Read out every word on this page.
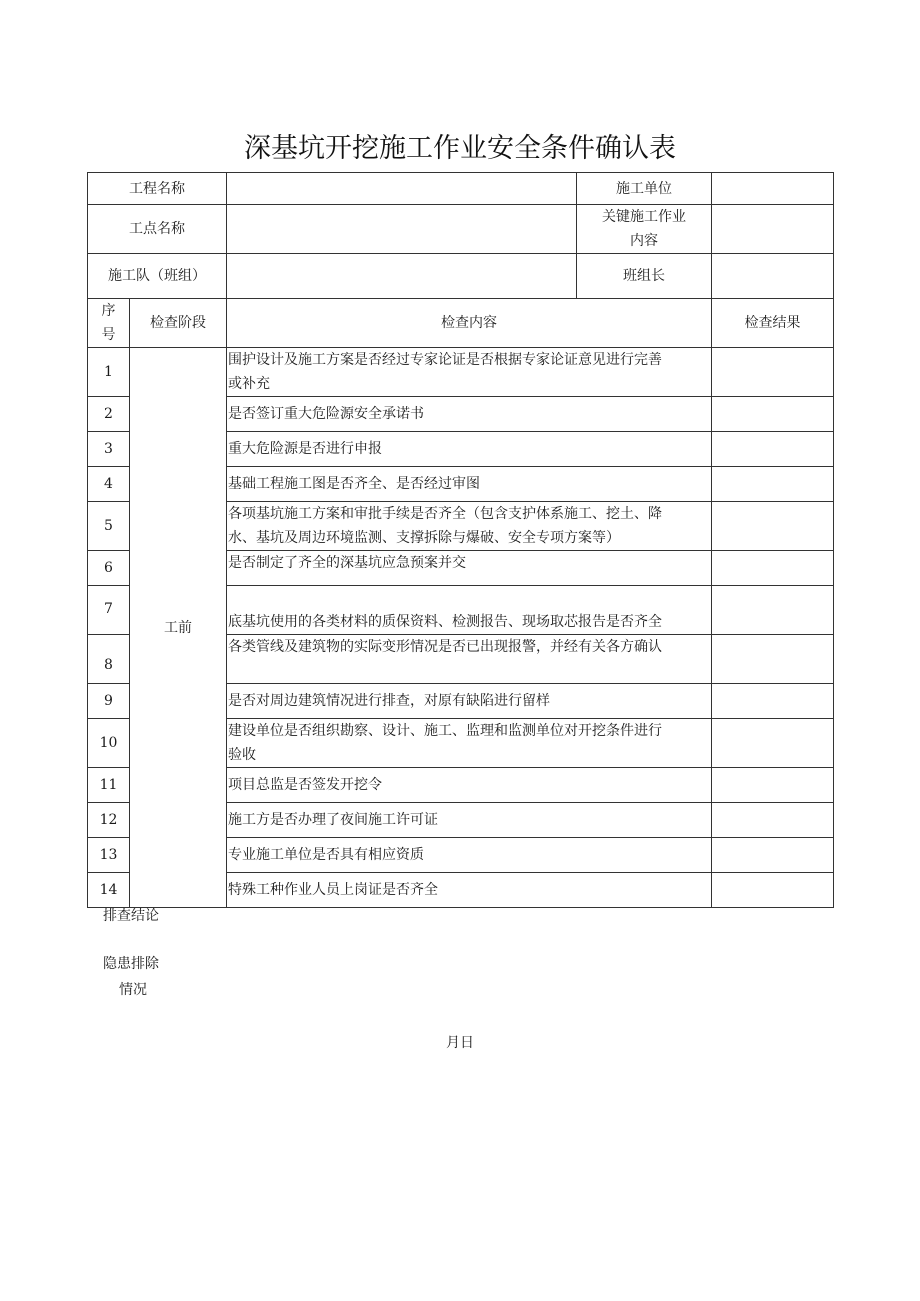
深基坑开挖施工作业安全条件确认表
工程名称			施工单位	
工点名称			关键施工作业
内容	

施工队（班组）			班组长	

序
号	检查阶段	检查内容		检查结果
1	工前	围护设计及施工方案是否经过专家论证是否根据专家论证意见进行完善
或补充		

2		是否签订重大危险源安全承诺书		
3		重大危险源是否进行申报		
4		基础工程施工图是否齐全、是否经过审图		
5		各项基坑施工方案和审批手续是否齐全（包含支护体系施工、挖土、降
水、基坑及周边环境监测、支撑拆除与爆破、安全专项方案等）		

6		是否制定了齐全的深基坑应急预案并交		
7		底基坑使用的各类材料的质保资料、检测报告、现场取芯报告是否齐全		
8		各类管线及建筑物的实际变形情况是否已出现报警，并经有关各方确认		
9		是否对周边建筑情况进行排查，对原有缺陷进行留样		
10		建设单位是否组织勘察、设计、施工、监理和监测单位对开挖条件进行
验收		

11		项目总监是否签发开挖令		
12		施工方是否办理了夜间施工许可证		
13		专业施工单位是否具有相应资质		
14		特殊工种作业人员上岗证是否齐全		
排查结论
隐患排除
情况
月日
